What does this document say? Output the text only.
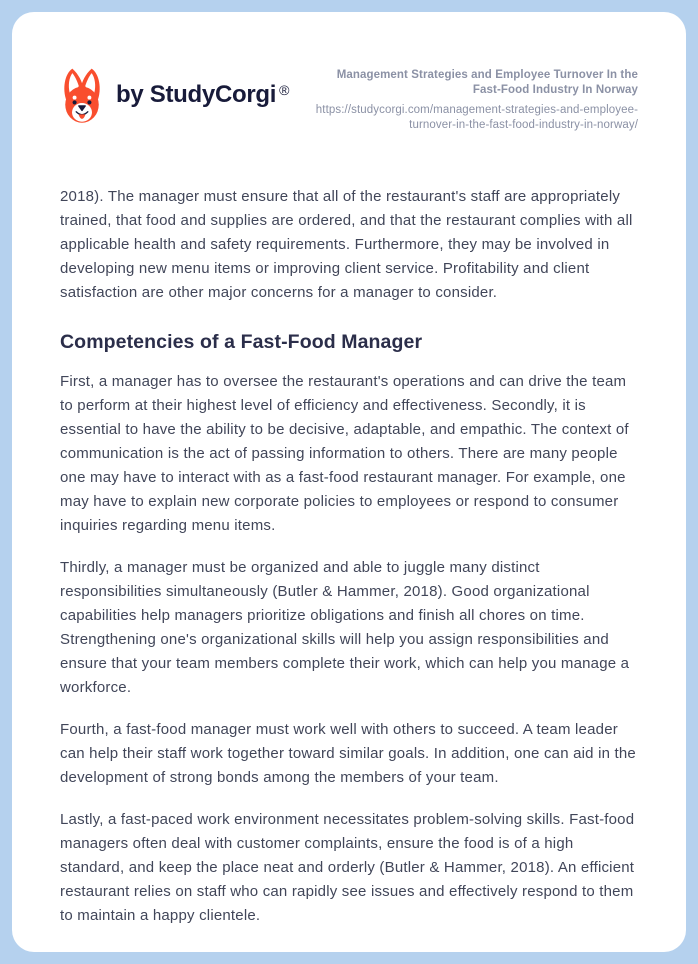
by StudyCorgi ®
Management Strategies and Employee Turnover In the Fast-Food Industry In Norway
https://studycorgi.com/management-strategies-and-employee-turnover-in-the-fast-food-industry-in-norway/

2018). The manager must ensure that all of the restaurant's staff are appropriately trained, that food and supplies are ordered, and that the restaurant complies with all applicable health and safety requirements. Furthermore, they may be involved in developing new menu items or improving client service. Profitability and client satisfaction are other major concerns for a manager to consider.

Competencies of a Fast-Food Manager

First, a manager has to oversee the restaurant's operations and can drive the team to perform at their highest level of efficiency and effectiveness. Secondly, it is essential to have the ability to be decisive, adaptable, and empathic. The context of communication is the act of passing information to others. There are many people one may have to interact with as a fast-food restaurant manager. For example, one may have to explain new corporate policies to employees or respond to consumer inquiries regarding menu items.

Thirdly, a manager must be organized and able to juggle many distinct responsibilities simultaneously (Butler & Hammer, 2018). Good organizational capabilities help managers prioritize obligations and finish all chores on time. Strengthening one's organizational skills will help you assign responsibilities and ensure that your team members complete their work, which can help you manage a workforce.

Fourth, a fast-food manager must work well with others to succeed. A team leader can help their staff work together toward similar goals. In addition, one can aid in the development of strong bonds among the members of your team.

Lastly, a fast-paced work environment necessitates problem-solving skills. Fast-food managers often deal with customer complaints, ensure the food is of a high standard, and keep the place neat and orderly (Butler & Hammer, 2018). An efficient restaurant relies on staff who can rapidly see issues and effectively respond to them to maintain a happy clientele.
